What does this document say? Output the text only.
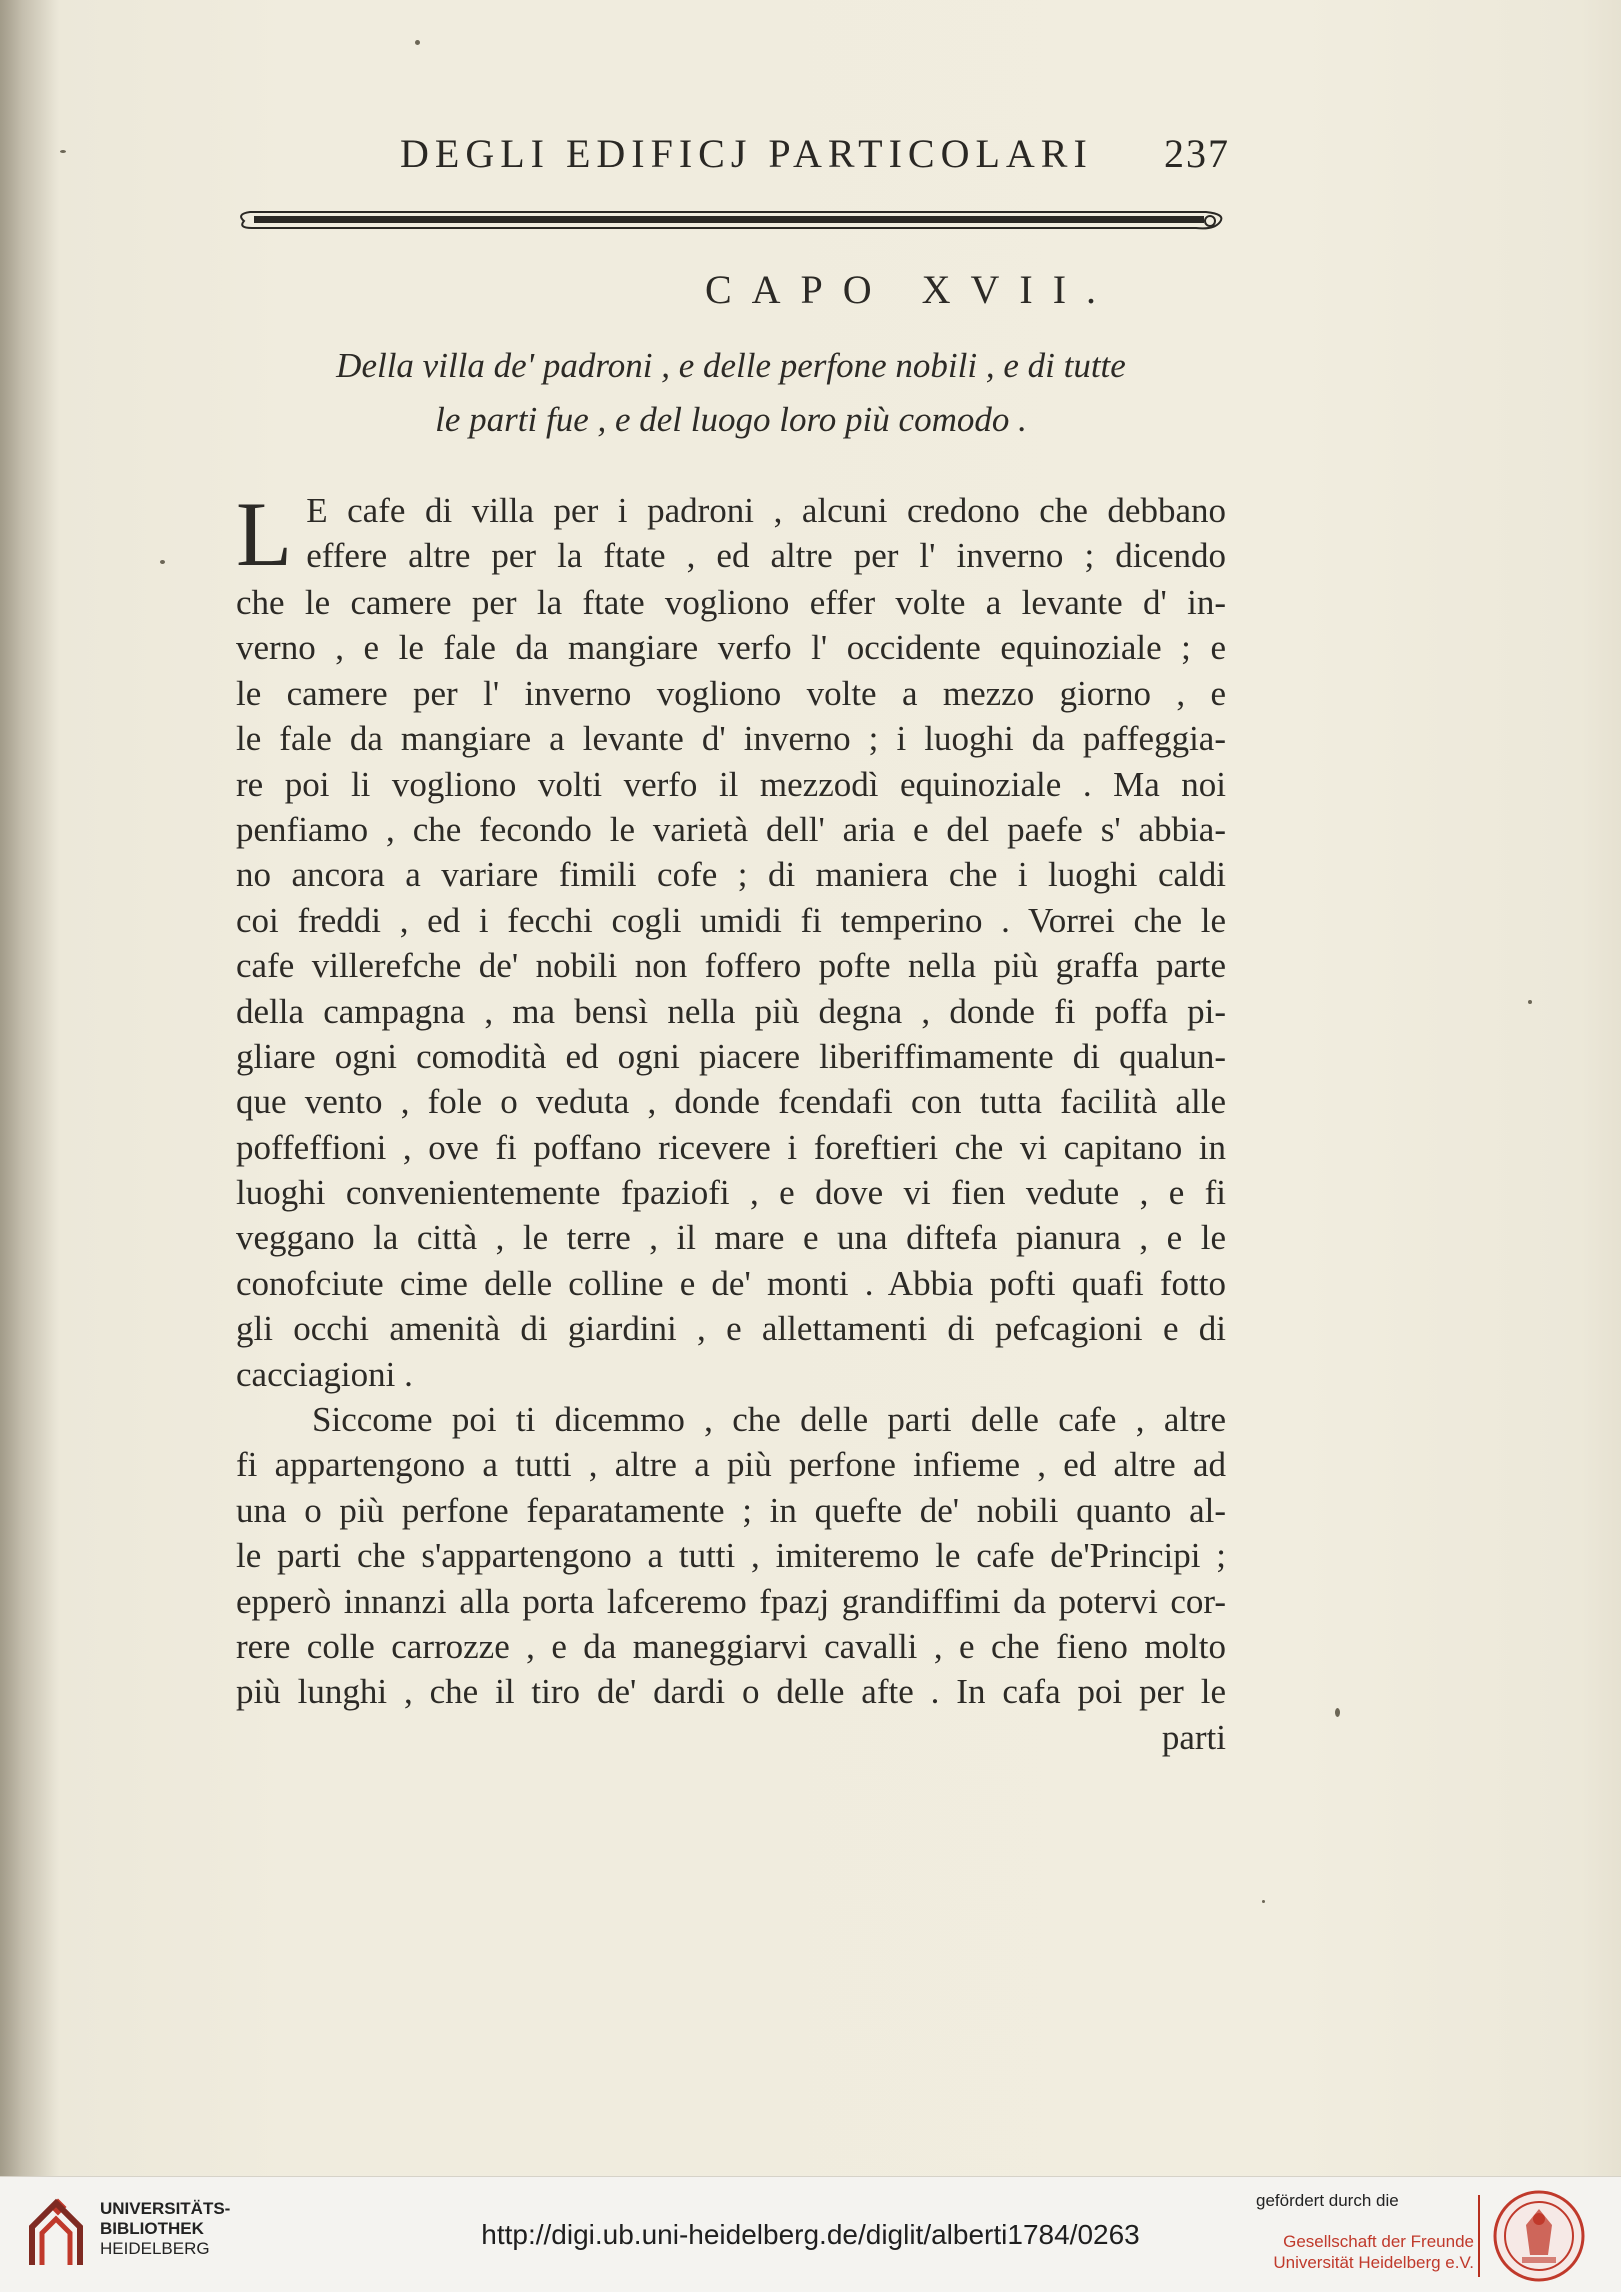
DEGLI EDIFICJ PARTICOLARI 237
CAPO XVII.
Della villa de' padroni , e delle perfone nobili , e di tutte
le parti fue , e del luogo loro più comodo .
L E cafe di villa per i padroni , alcuni credono che debbano
effere altre per la ftate , ed altre per l' inverno ; dicendo
che le camere per la ftate vogliono effer volte a levante d' in-
verno , e le fale da mangiare verfo l' occidente equinoziale ; e
le camere per l' inverno vogliono volte a mezzo giorno , e
le fale da mangiare a levante d' inverno ; i luoghi da paffeggia-
re poi li vogliono volti verfo il mezzodì equinoziale . Ma noi
penfiamo , che fecondo le varietà dell' aria e del paefe s' abbia-
no ancora a variare fimili cofe ; di maniera che i luoghi caldi
coi freddi , ed i fecchi cogli umidi fi temperino . Vorrei che le
cafe villerefche de' nobili non foffero pofte nella più graffa parte
della campagna , ma bensì nella più degna , donde fi poffa pi-
gliare ogni comodità ed ogni piacere liberiffimamente di qualun-
que vento , fole o veduta , donde fcendafi con tutta facilità alle
poffeffioni , ove fi poffano ricevere i foreftieri che vi capitano in
luoghi convenientemente fpaziofi , e dove vi fien vedute , e fi
veggano la città , le terre , il mare e una diftefa pianura , e le
conofciute cime delle colline e de' monti . Abbia pofti quafi fotto
gli occhi amenità di giardini , e allettamenti di pefcagioni e di
cacciagioni .
Siccome poi ti dicemmo , che delle parti delle cafe , altre
fi appartengono a tutti , altre a più perfone infieme , ed altre ad
una o più perfone feparatamente ; in quefte de' nobili quanto al-
le parti che s'appartengono a tutti , imiteremo le cafe de'Principi ;
epperò innanzi alla porta lafceremo fpazj grandiffimi da potervi cor-
rere colle carrozze , e da maneggiarvi cavalli , e che fieno molto
più lunghi , che il tiro de' dardi o delle afte . In cafa poi per le
parti
UNIVERSITÄTS-
BIBLIOTHEK
HEIDELBERG	http://digi.ub.uni-heidelberg.de/diglit/alberti1784/0263
gefördert durch die
Gesellschaft der Freunde
Universität Heidelberg e.V.
